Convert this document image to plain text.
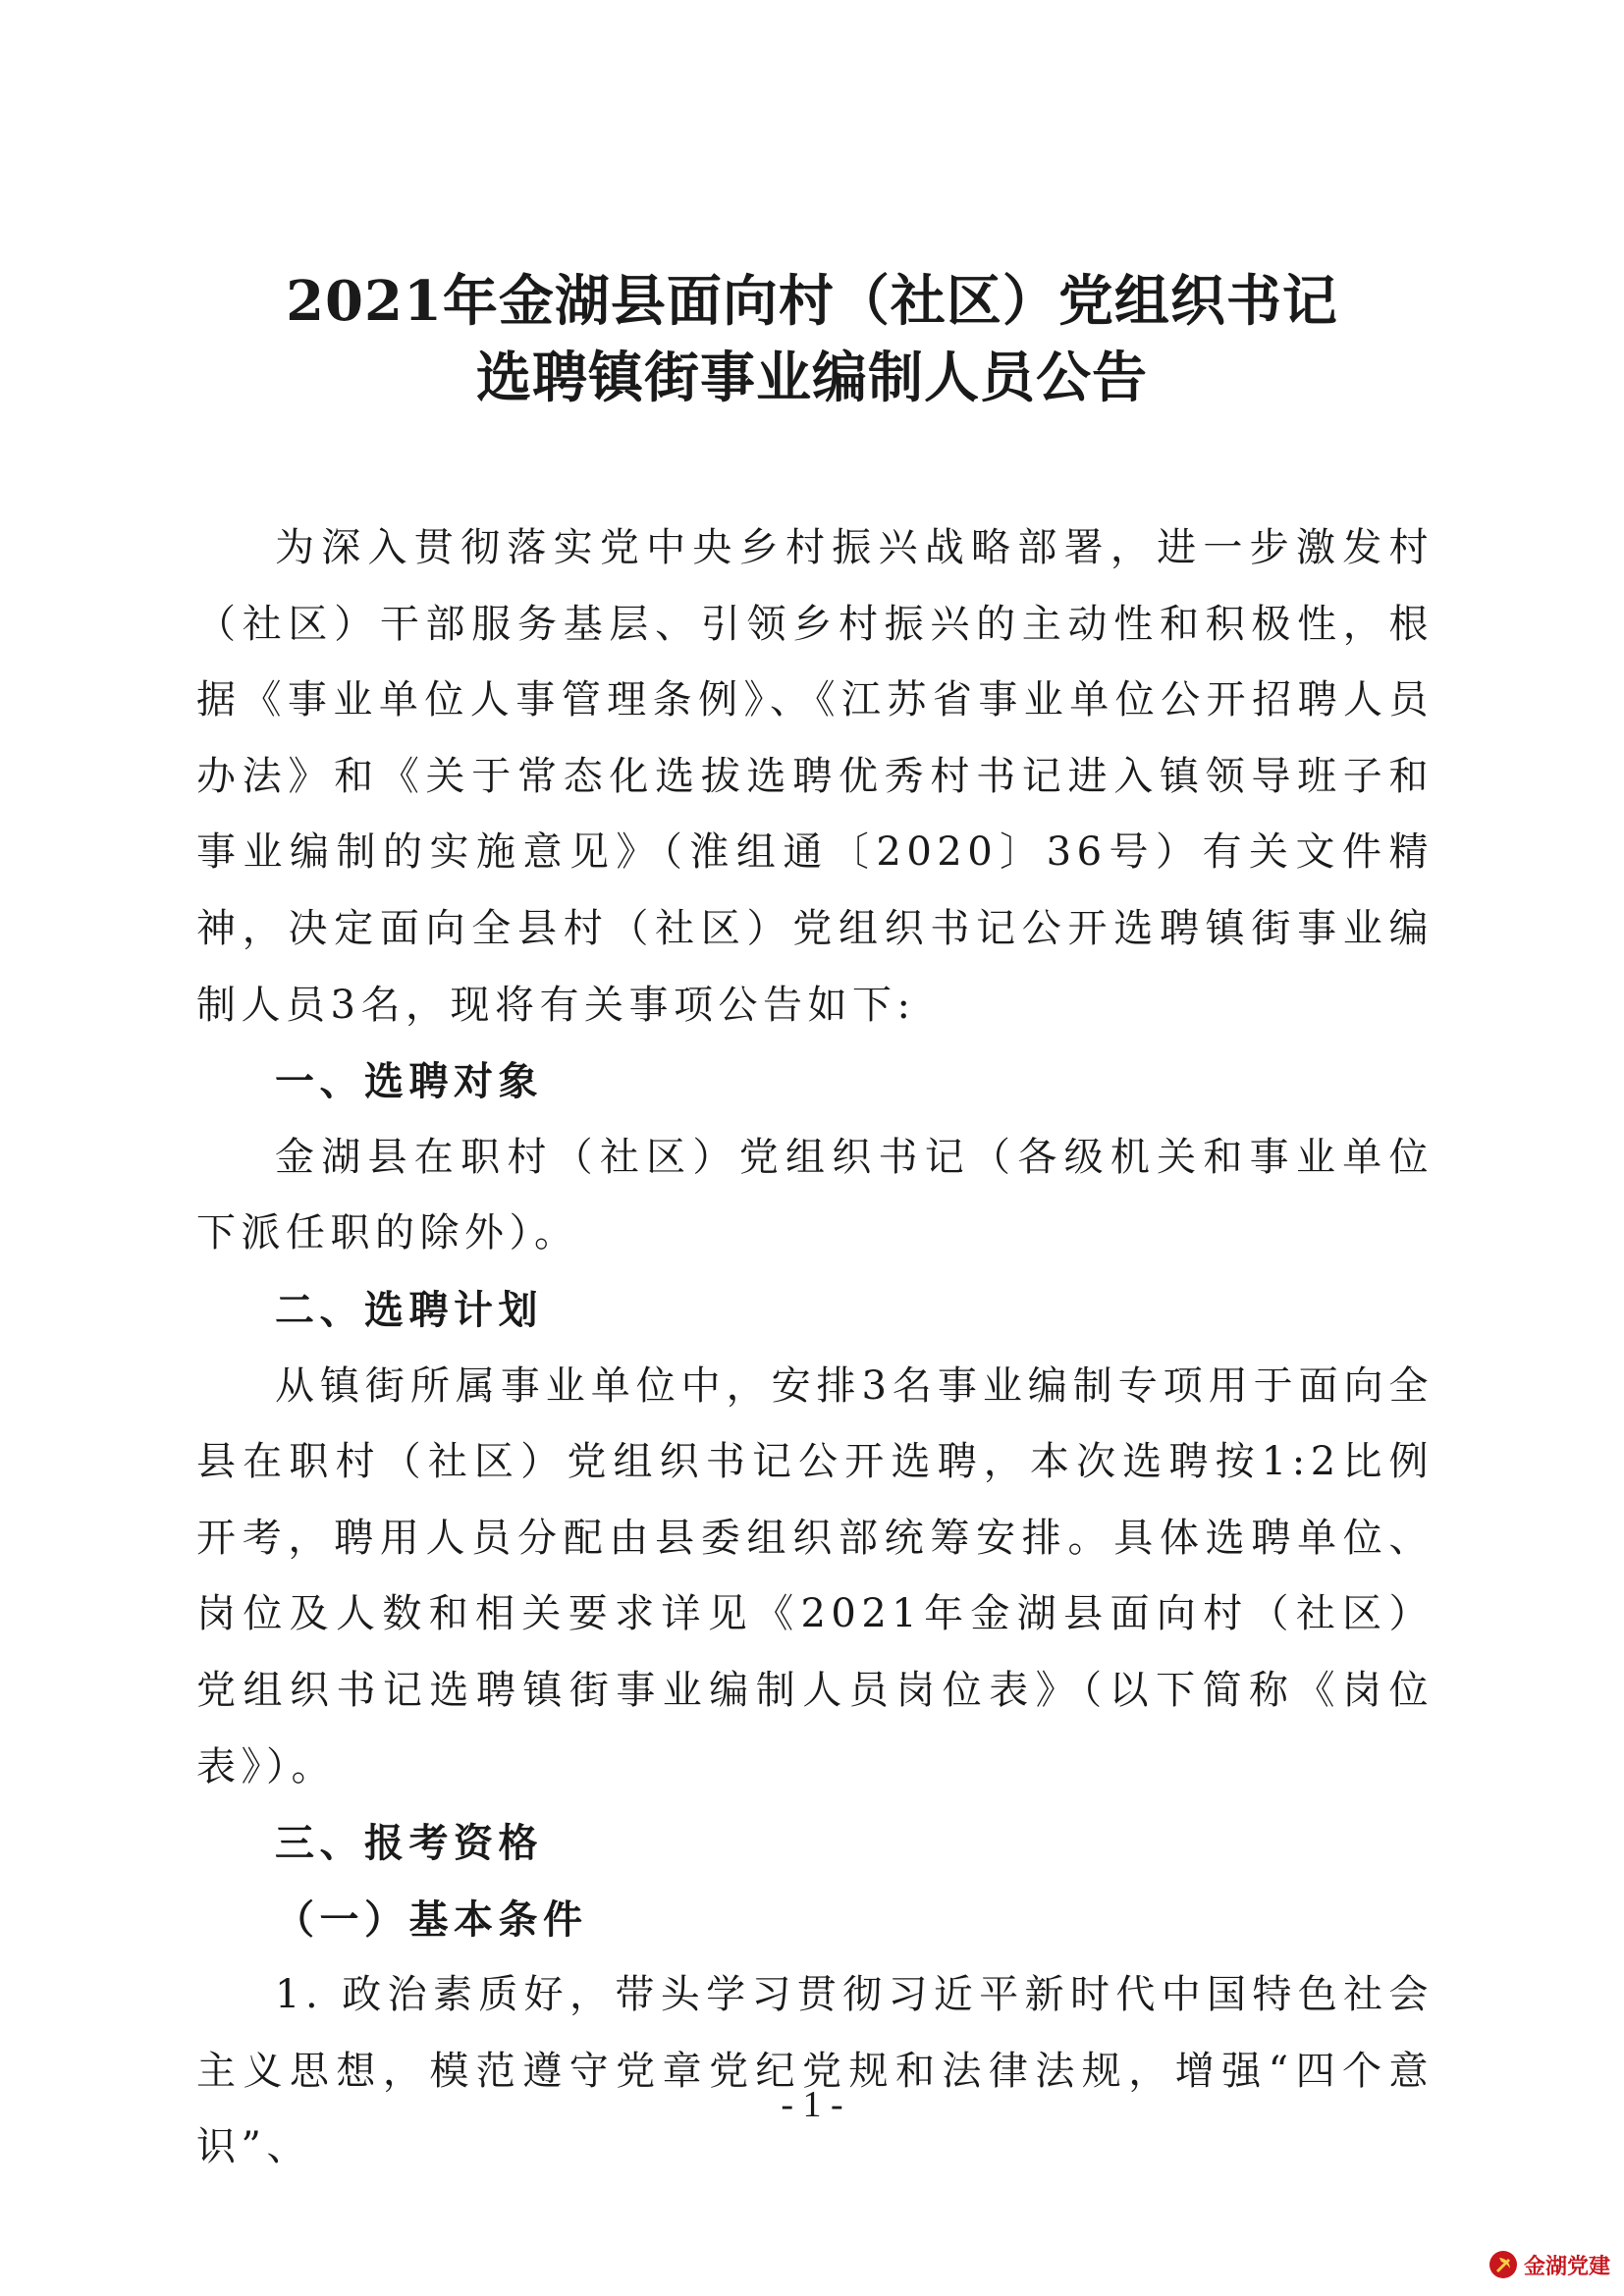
2021年金湖县面向村（社区）党组织书记
选聘镇街事业编制人员公告

为深入贯彻落实党中央乡村振兴战略部署，进一步激发村（社区）干部服务基层、引领乡村振兴的主动性和积极性，根据《事业单位人事管理条例》、《江苏省事业单位公开招聘人员办法》和《关于常态化选拔选聘优秀村书记进入镇领导班子和事业编制的实施意见》（淮组通〔2020〕36号）有关文件精神，决定面向全县村（社区）党组织书记公开选聘镇街事业编制人员3名，现将有关事项公告如下:

一、选聘对象

金湖县在职村（社区）党组织书记（各级机关和事业单位下派任职的除外）。

二、选聘计划

从镇街所属事业单位中，安排3名事业编制专项用于面向全县在职村（社区）党组织书记公开选聘，本次选聘按1:2比例开考，聘用人员分配由县委组织部统筹安排。具体选聘单位、岗位及人数和相关要求详见《2021年金湖县面向村（社区）党组织书记选聘镇街事业编制人员岗位表》（以下简称《岗位表》）。

三、报考资格

（一）基本条件

1. 政治素质好，带头学习贯彻习近平新时代中国特色社会主义思想，模范遵守党章党纪党规和法律法规，增强“四个意识”、

- 1 -
金湖党建
